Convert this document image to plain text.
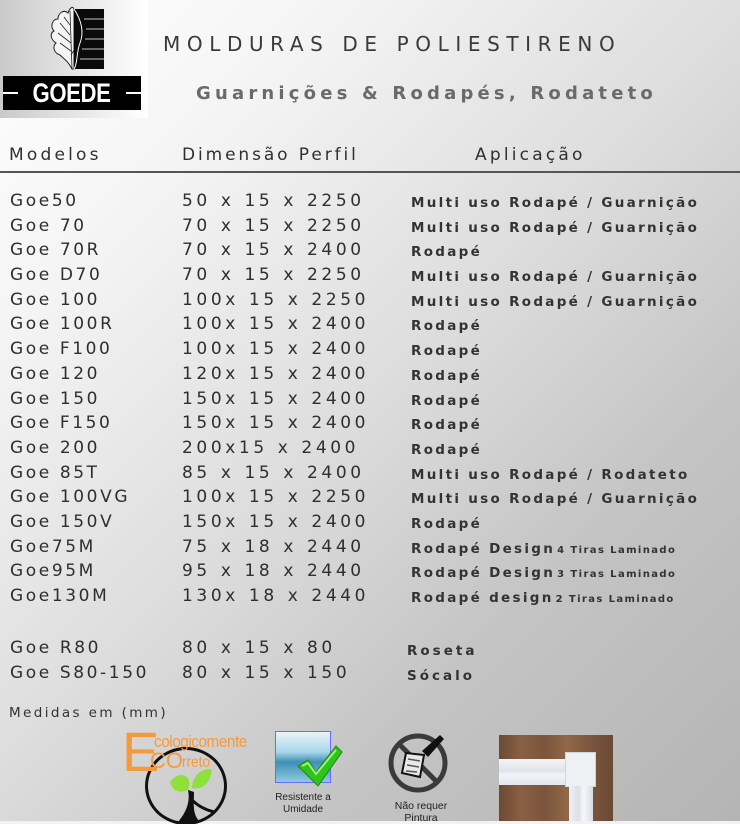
GOEDE
MOLDURAS DE POLIESTIRENO
Guarnições & Rodapés, Rodateto
Modelos	Dimensão Perfil	Aplicação
Goe50	50 x 15 x 2250	Multi uso Rodapé / Guarnição
Goe 70	70 x 15 x 2250	Multi uso Rodapé / Guarnição
Goe 70R	70 x 15 x 2400	Rodapé
Goe D70	70 x 15 x 2250	Multi uso Rodapé / Guarnição
Goe 100	100x 15 x 2250	Multi uso Rodapé / Guarnição
Goe 100R	100x 15 x 2400	Rodapé
Goe F100	100x 15 x 2400	Rodapé
Goe 120	120x 15 x 2400	Rodapé
Goe 150	150x 15 x 2400	Rodapé
Goe F150	150x 15 x 2400	Rodapé
Goe 200	200x15 x 2400	Rodapé
Goe 85T	85 x 15 x 2400	Multi uso Rodapé / Rodateto
Goe 100VG	100x 15 x 2250	Multi uso Rodapé / Guarnição
Goe 150V	150x 15 x 2400	Rodapé
Goe75M	75 x 18 x 2440	Rodapé Design 4 Tiras Laminado
Goe95M	95 x 18 x 2440	Rodapé Design 3 Tiras Laminado
Goe130M	130x 18 x 2440	Rodapé design 2 Tiras Laminado
Goe R80	80 x 15 x 80	Roseta
Goe S80-150 80 x 15 x 150	Sócalo
Medidas em (mm)
E
cologicomente
CO rreto
Resistente a
Umidade	Não requer
Pintura
